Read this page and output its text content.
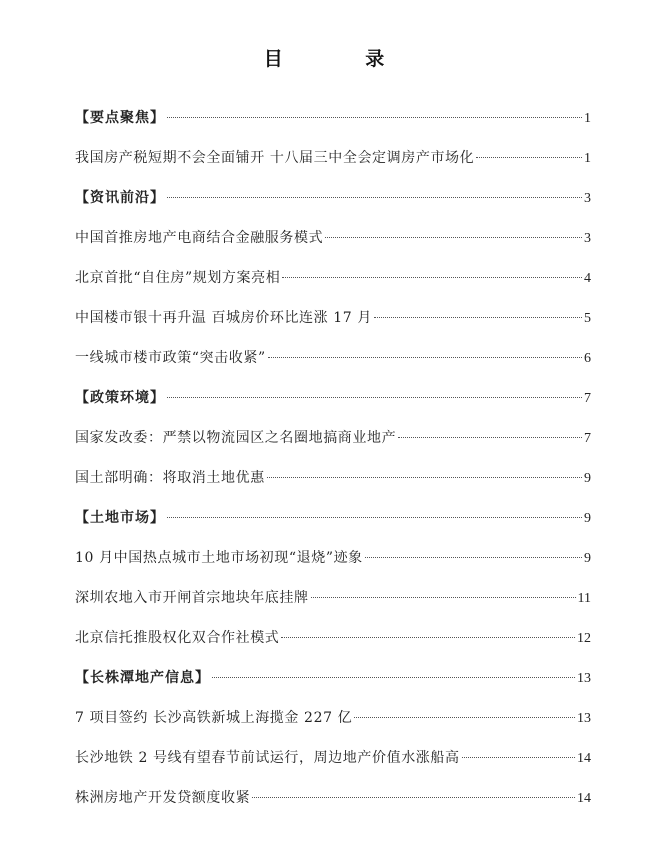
目 录
【要点聚焦】	1
我国房产税短期不会全面铺开 十八届三中全会定调房产市场化	1
【资讯前沿】	3
中国首推房地产电商结合金融服务模式	3
北京首批“自住房”规划方案亮相	4
中国楼市银十再升温 百城房价环比连涨 17 月	5
一线城市楼市政策“突击收紧”	6
【政策环境】	7
国家发改委：严禁以物流园区之名圈地搞商业地产	7
国土部明确：将取消土地优惠	9
【土地市场】	9
10 月中国热点城市土地市场初现“退烧”迹象	9
深圳农地入市开闸首宗地块年底挂牌	11
北京信托推股权化双合作社模式	12
【长株潭地产信息】	13
7 项目签约 长沙高铁新城上海揽金 227 亿	13
长沙地铁 2 号线有望春节前试运行，周边地产价值水涨船高	14
株洲房地产开发贷额度收紧	14
